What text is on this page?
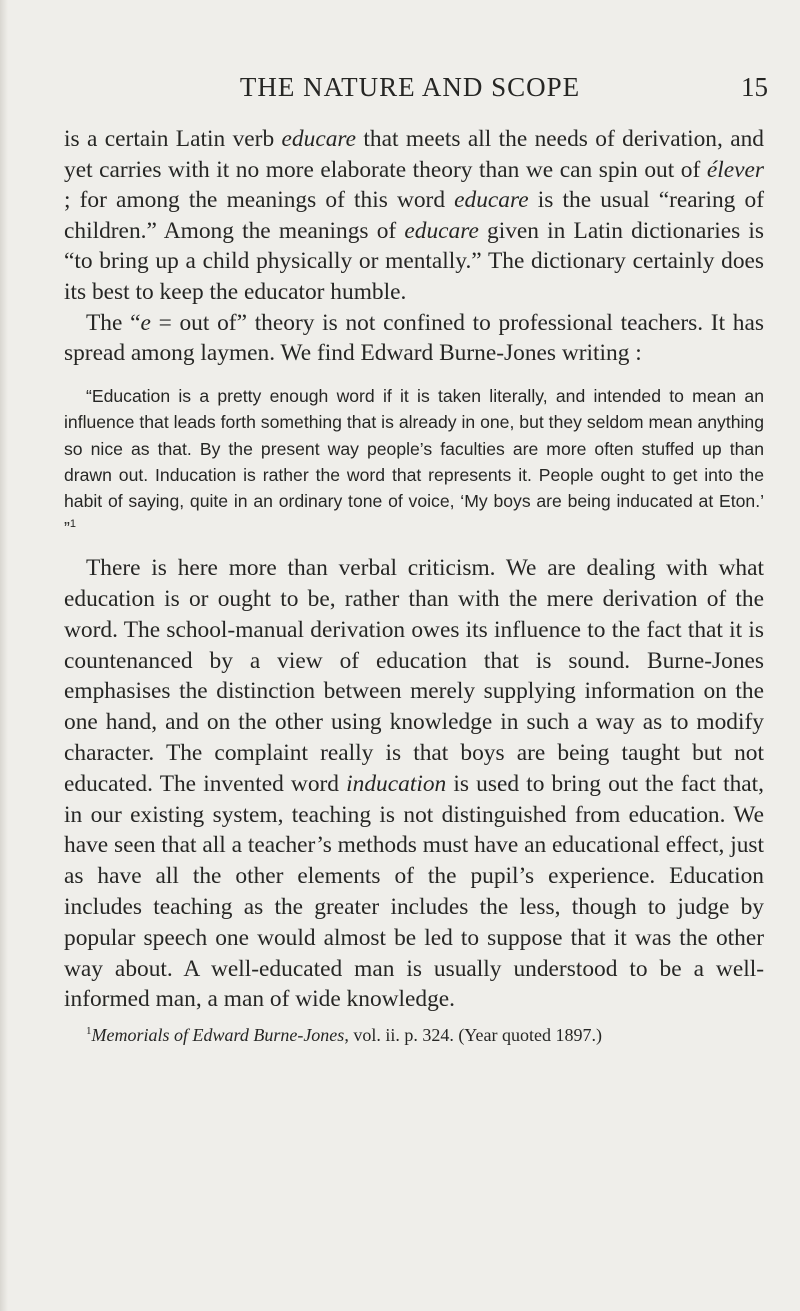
THE NATURE AND SCOPE	15

is a certain Latin verb educare that meets all the needs of derivation, and yet carries with it no more elaborate theory than we can spin out of élever ; for among the meanings of this word educare is the usual “rearing of children.” Among the meanings of educare given in Latin dictionaries is “to bring up a child physically or mentally.” The dictionary certainly does its best to keep the educator humble.

The “e = out of” theory is not confined to professional teachers. It has spread among laymen. We find Edward Burne-Jones writing :

“Education is a pretty enough word if it is taken literally, and intended to mean an influence that leads forth something that is already in one, but they seldom mean anything so nice as that. By the present way people’s faculties are more often stuffed up than drawn out. Inducation is rather the word that represents it. People ought to get into the habit of saying, quite in an ordinary tone of voice, ‘My boys are being inducated at Eton.’ ”$^1$

There is here more than verbal criticism. We are dealing with what education is or ought to be, rather than with the mere derivation of the word. The school-manual derivation owes its influence to the fact that it is countenanced by a view of education that is sound. Burne-Jones emphasises the distinction between merely supplying information on the one hand, and on the other using knowledge in such a way as to modify character. The complaint really is that boys are being taught but not educated. The invented word inducation is used to bring out the fact that, in our existing system, teaching is not distinguished from education. We have seen that all a teacher’s methods must have an educational effect, just as have all the other elements of the pupil’s experience. Education includes teaching as the greater includes the less, though to judge by popular speech one would almost be led to suppose that it was the other way about. A well-educated man is usually understood to be a well-informed man, a man of wide knowledge.

$^1$Memorials of Edward Burne-Jones, vol. ii. p. 324. (Year quoted 1897.)
